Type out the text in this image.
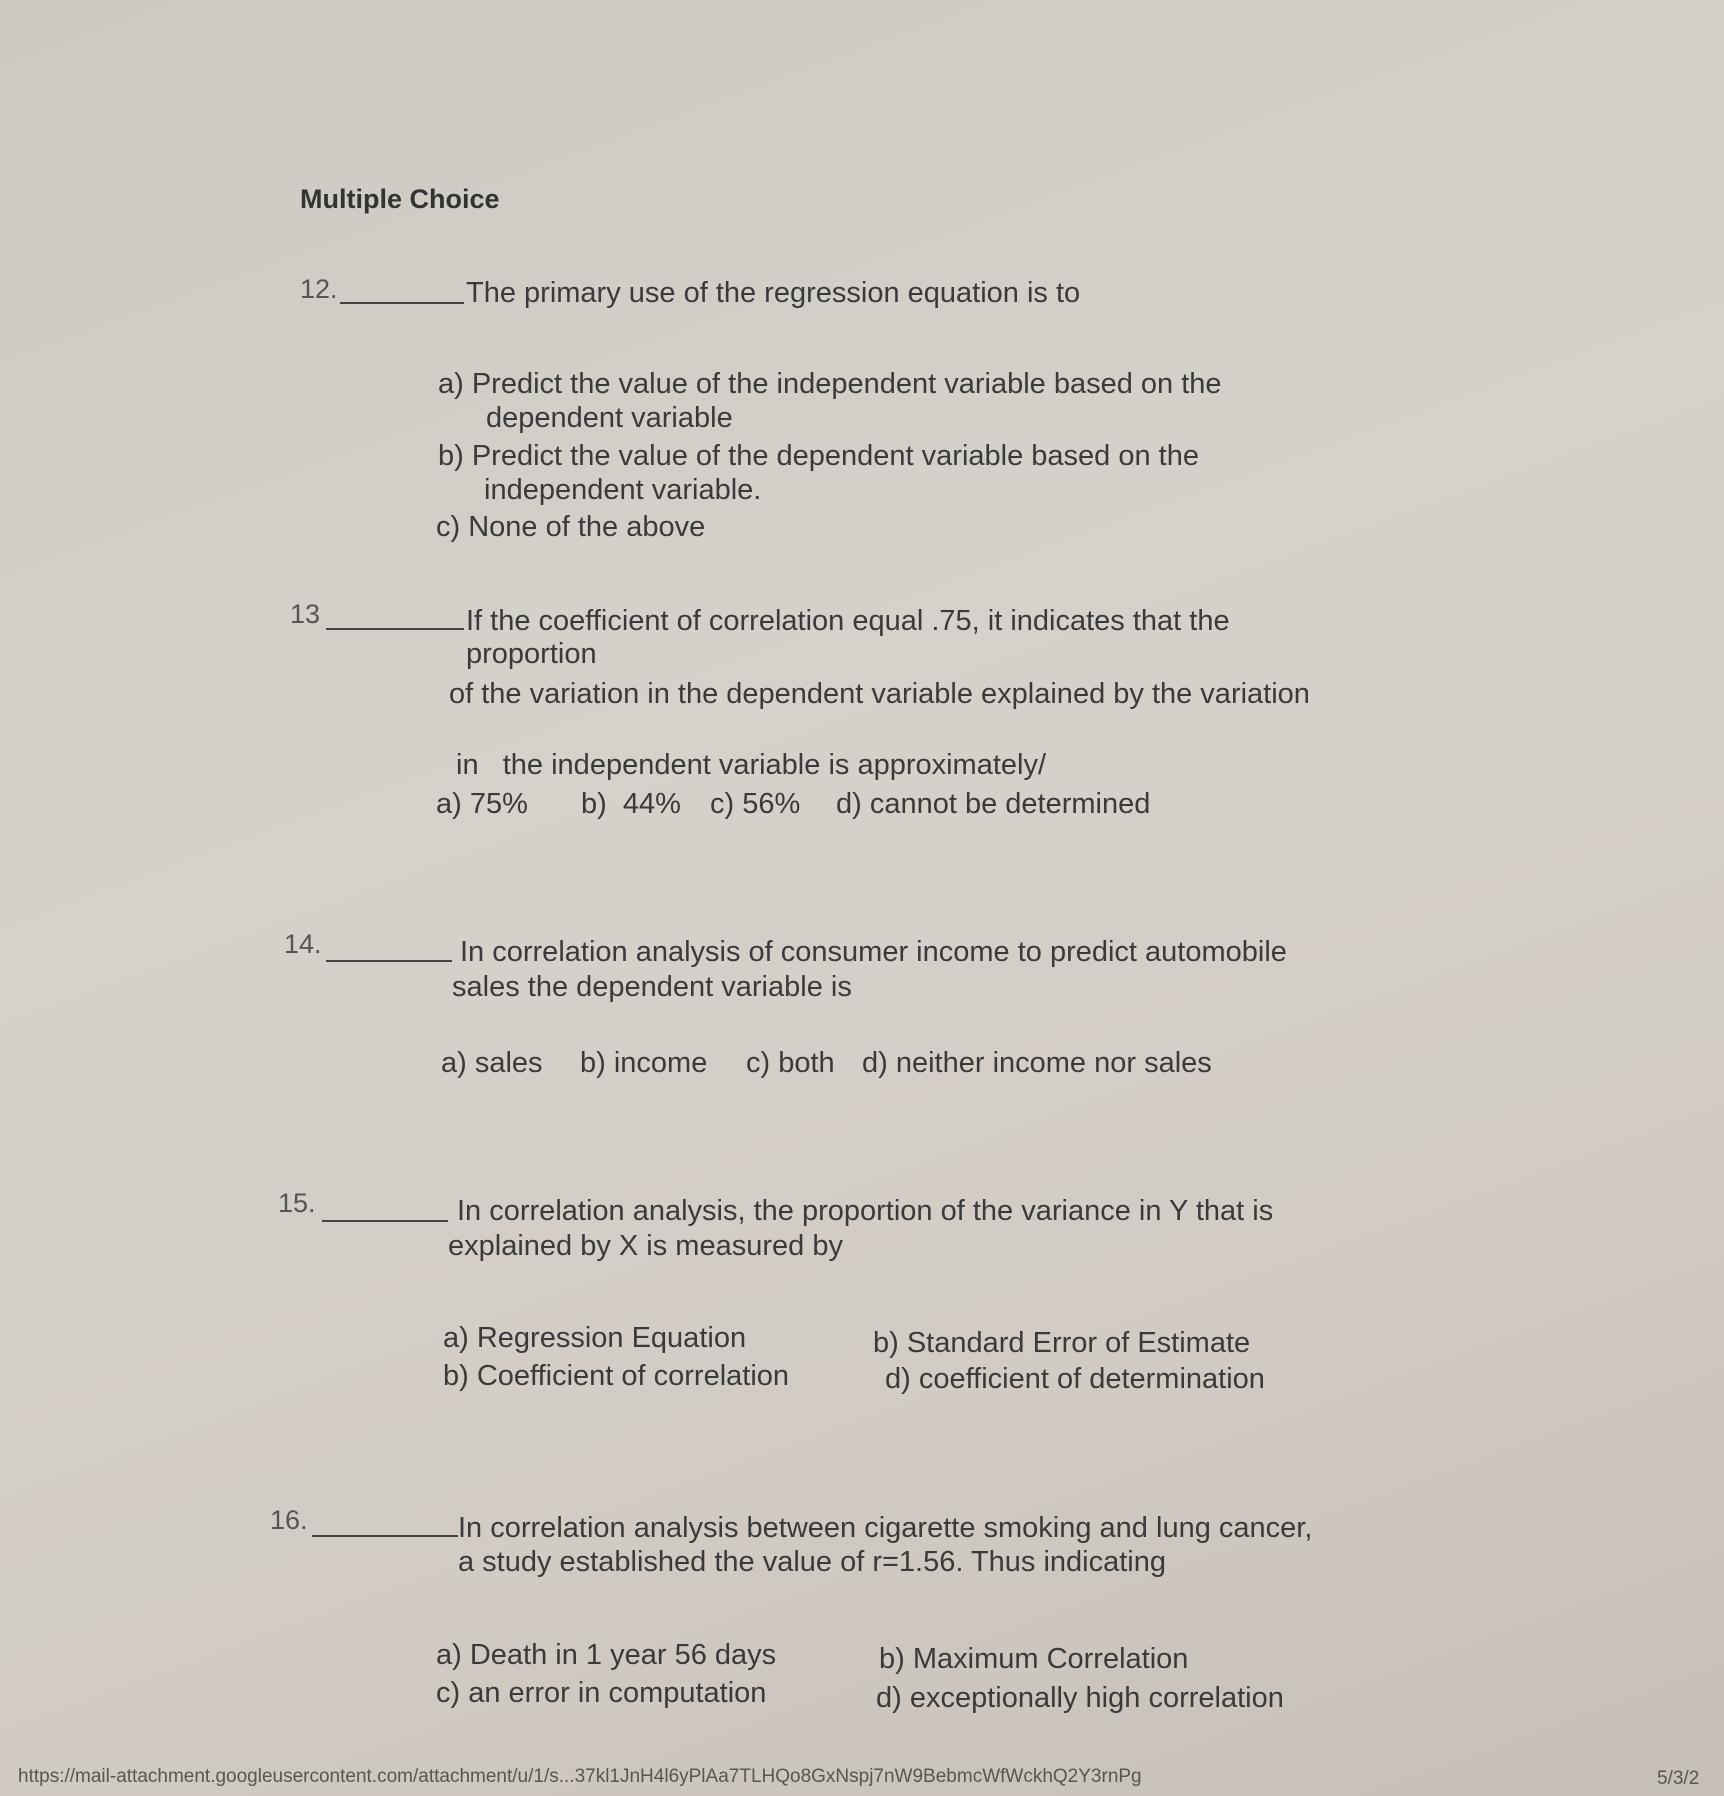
Multiple Choice
12.	The primary use of the regression equation is to
a) Predict the value of the independent variable based on the
dependent variable
b) Predict the value of the dependent variable based on the
independent variable.
c) None of the above
13	If the coefficient of correlation equal .75, it indicates that the
proportion
of the variation in the dependent variable explained by the variation
in   the independent variable is approximately/
a) 75% b)  44% c) 56% d) cannot be determined
14.	In correlation analysis of consumer income to predict automobile
sales the dependent variable is
a) sales b) income c) both d) neither income nor sales
15.	In correlation analysis, the proportion of the variance in Y that is
explained by X is measured by
a) Regression Equation	b) Standard Error of Estimate
b) Coefficient of correlation	d) coefficient of determination
16.	In correlation analysis between cigarette smoking and lung cancer,
a study established the value of r=1.56. Thus indicating
a) Death in 1 year 56 days	b) Maximum Correlation
c) an error in computation	d) exceptionally high correlation
https://mail-attachment.googleusercontent.com/attachment/u/1/s...37kl1JnH4l6yPlAa7TLHQo8GxNspj7nW9BebmcWfWckhQ2Y3rnPg	5/3/2
